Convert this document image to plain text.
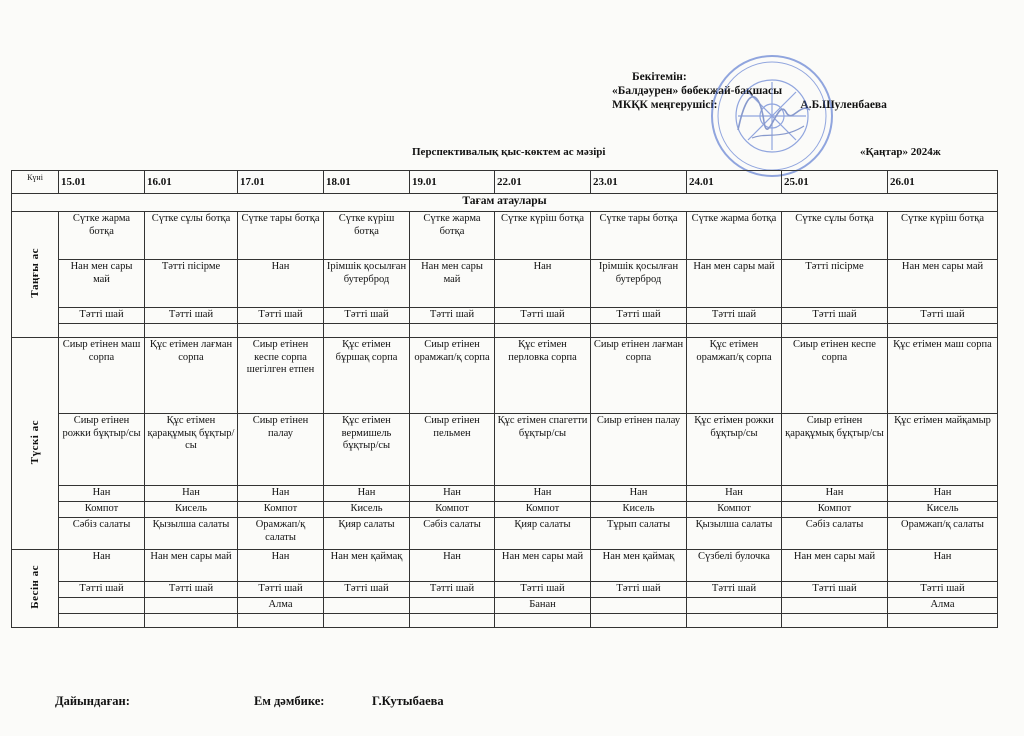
Бекітемін:
«Балдәурен» бөбекжай-бақшасы
МКҚК меңгерушісі:	А.Б.Шуленбаева
Перспективалық қыс-көктем ас мәзірі	«Қаңтар» 2024ж
Күні	15.01	16.01	17.01	18.01	19.01	22.01	23.01	24.01	25.01	26.01
Тағам атаулары										
Таңғы ас	Сүтке жарма ботқа	Сүтке сұлы ботқа	Сүтке тары ботқа	Сүтке күріш ботқа	Сүтке жарма ботқа	Сүтке күріш ботқа	Сүтке тары ботқа	Сүтке жарма ботқа	Сүтке сұлы ботқа	Сүтке күріш ботқа
	Нан мен сары май	Тәтті пісірме	Нан	Ірімшік қосылған бутерброд	Нан мен сары май	Нан	Ірімшік қосылған бутерброд	Нан мен сары май	Тәтті пісірме	Нан мен сары май
	Тәтті шай	Тәтті шай	Тәтті шай	Тәтті шай	Тәтті шай	Тәтті шай	Тәтті шай	Тәтті шай	Тәтті шай	Тәтті шай

Түскі ас	Сиыр етінен маш сорпа	Құс етімен лағман сорпа	Сиыр етінен кеспе сорпа шегілген етпен	Құс етімен бұршақ сорпа	Сиыр етінен орамжап/қ сорпа	Құс етімен перловка сорпа	Сиыр етінен лағман сорпа	Құс етімен орамжап/қ сорпа	Сиыр етінен кеспе сорпа	Құс етімен маш сорпа
	Сиыр етінен рожки бұқтыр/сы	Құс етімен қарақұмық бұқтыр/сы	Сиыр етінен палау	Құс етімен вермишель бұқтыр/сы	Сиыр етінен пельмен	Құс етімен спагетти бұқтыр/сы	Сиыр етінен палау	Құс етімен рожки бұқтыр/сы	Сиыр етінен қарақұмық бұқтыр/сы	Құс етімен майқамыр
	Нан	Нан	Нан	Нан	Нан	Нан	Нан	Нан	Нан	Нан
	Компот	Кисель	Компот	Кисель	Компот	Компот	Кисель	Компот	Компот	Кисель
	Сәбіз салаты	Қызылша салаты	Орамжап/қ салаты	Қияр салаты	Сәбіз салаты	Қияр салаты	Тұрып салаты	Қызылша салаты	Сәбіз салаты	Орамжап/қ салаты
Бесін ас	Нан	Нан мен сары май	Нан	Нан мен қаймақ	Нан	Нан мен сары май	Нан мен қаймақ	Сүзбелі булочка	Нан мен сары май	Нан
	Тәтті шай	Тәтті шай	Тәтті шай	Тәтті шай	Тәтті шай	Тәтті шай	Тәтті шай	Тәтті шай	Тәтті шай	Тәтті шай
			Алма			Банан				Алма

Дайындаған:	Ем дәмбике:	Г.Кутыбаева
